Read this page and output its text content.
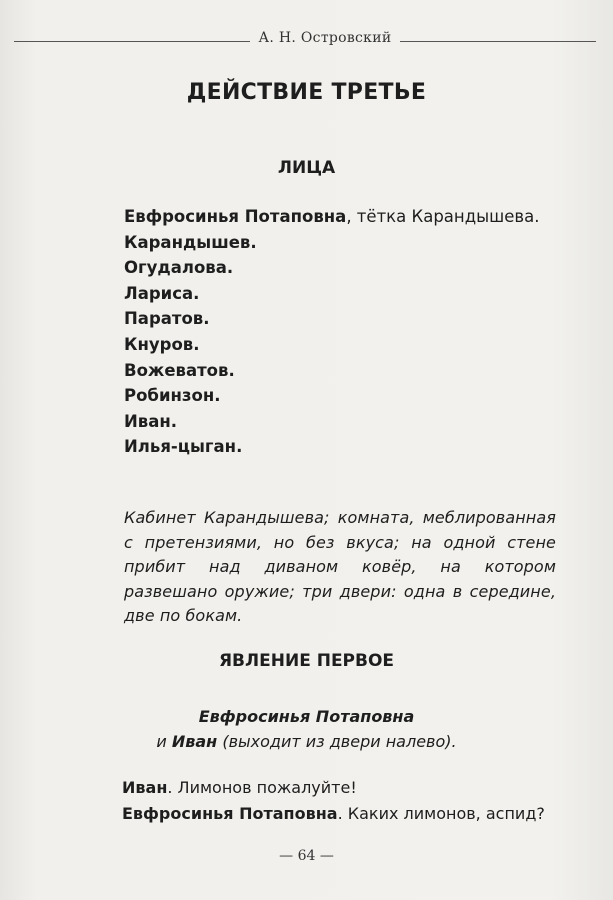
А. Н. Островский
ДЕЙСТВИЕ ТРЕТЬЕ
ЛИЦА
Евфросинья Потаповна, тётка Карандышева.
Карандышев.
Огудалова.
Лариса.
Паратов.
Кнуров.
Вожеватов.
Робинзон.
Иван.
Илья-цыган.
Кабинет Карандышева; комната, меблированная с претензиями, но без вкуса; на одной стене прибит над диваном ковёр, на котором развешано оружие; три двери: одна в середине, две по бокам.
ЯВЛЕНИЕ ПЕРВОЕ
Евфросинья Потаповна
и Иван (выходит из двери налево).
Иван. Лимонов пожалуйте!
Евфросинья Потаповна. Каких лимонов, аспид?
— 64 —
